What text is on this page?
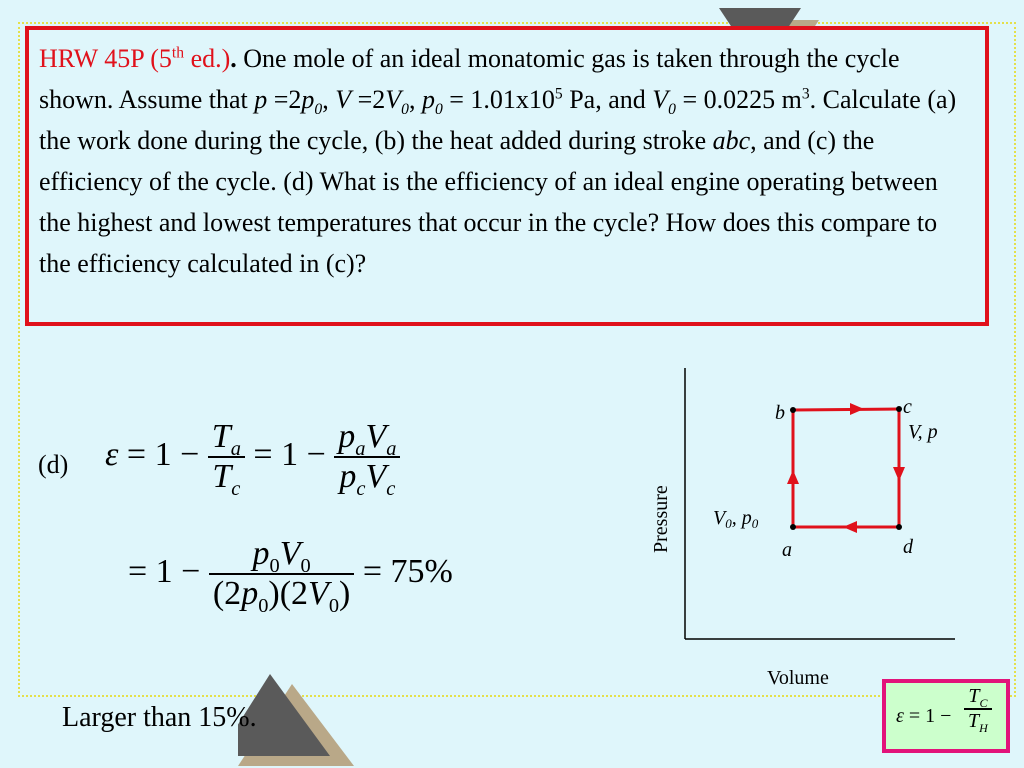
HRW 45P (5th ed.). One mole of an ideal monatomic gas is taken through the cycle shown. Assume that $p =2p_0$, $V =2V_0$, $p_0 = 1.01x10^5$ Pa, and $V_0 = 0.0225$ $m^3$. Calculate (a) the work done during the cycle, (b) the heat added during stroke abc, and (c) the efficiency of the cycle. (d) What is the efficiency of an ideal engine operating between the highest and lowest temperatures that occur in the cycle? How does this compare to the efficiency calculated in (c)?
(d) $\varepsilon = 1 - \frac{T_a}{T_c} = 1 - \frac{p_aV_a}{p_cV_c}$
= $1 - \frac{p_0V_0}{(2p_0)(2V_0)} = 75\%$
Larger than 15%.
a
b	c
d
$V_0$, $p_0$
V, p
Pressure
Volume
$\varepsilon = 1 - \frac{T_C}{T_H}$
